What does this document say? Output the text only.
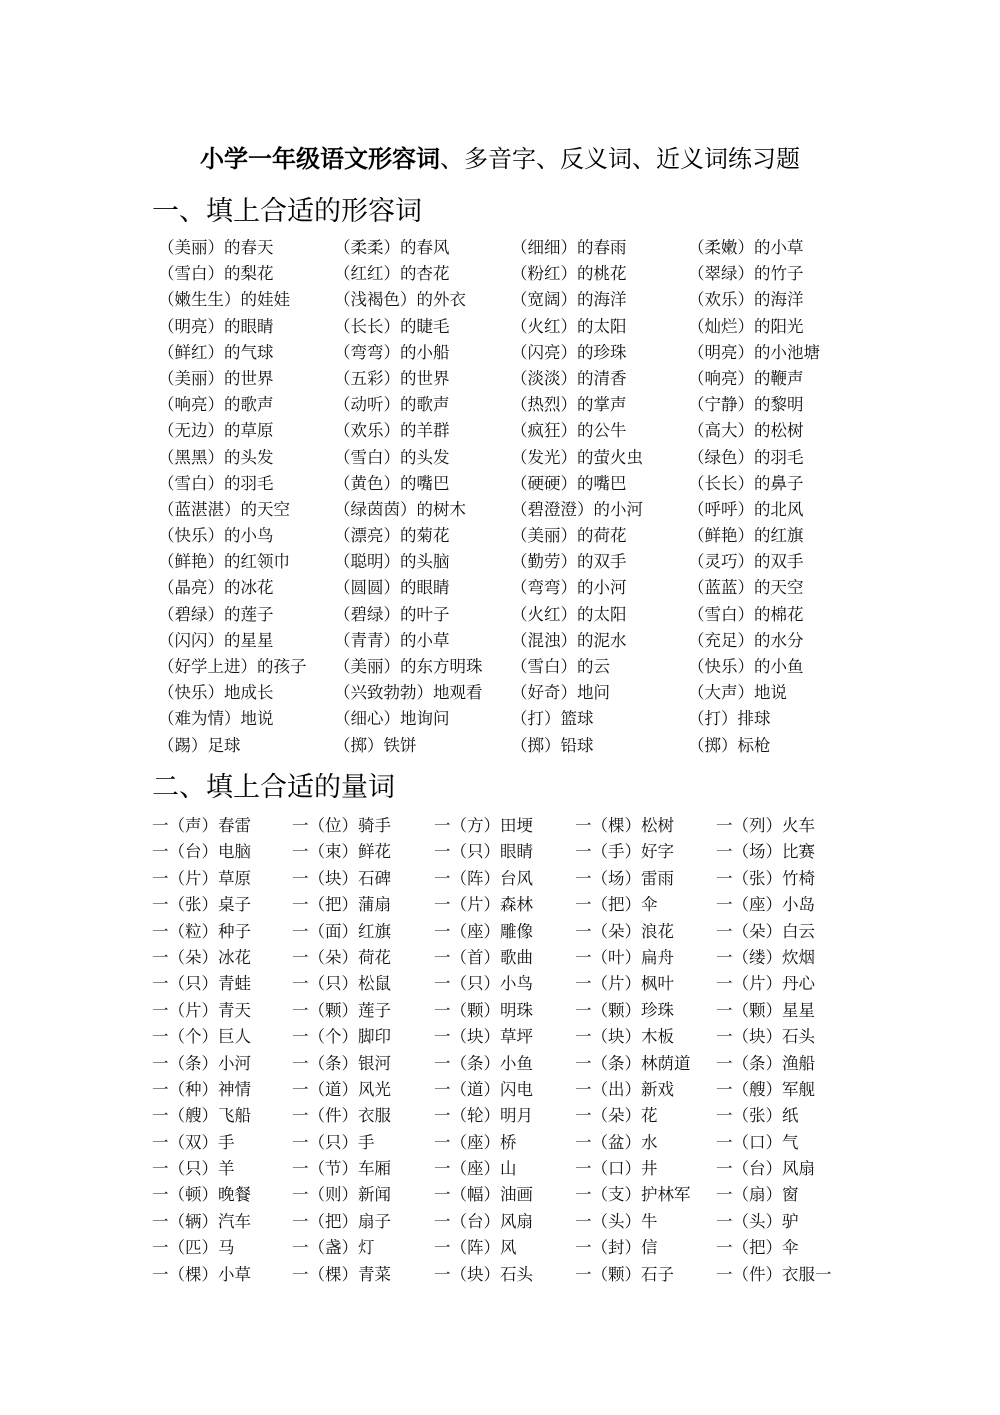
小学一年级语文形容词、多音字、反义词、近义词练习题
一、填上合适的形容词
（美丽）的春天	（柔柔）的春风	（细细）的春雨	（柔嫩）的小草
（雪白）的梨花	（红红）的杏花	（粉红）的桃花	（翠绿）的竹子
（嫩生生）的娃娃	（浅褐色）的外衣	（宽阔）的海洋	（欢乐）的海洋
（明亮）的眼睛	（长长）的睫毛	（火红）的太阳	（灿烂）的阳光
（鲜红）的气球	（弯弯）的小船	（闪亮）的珍珠	（明亮）的小池塘
（美丽）的世界	（五彩）的世界	（淡淡）的清香	（响亮）的鞭声
（响亮）的歌声	（动听）的歌声	（热烈）的掌声	（宁静）的黎明
（无边）的草原	（欢乐）的羊群	（疯狂）的公牛	（高大）的松树
（黑黑）的头发	（雪白）的头发	（发光）的萤火虫	（绿色）的羽毛
（雪白）的羽毛	（黄色）的嘴巴	（硬硬）的嘴巴	（长长）的鼻子
（蓝湛湛）的天空	（绿茵茵）的树木	（碧澄澄）的小河	（呼呼）的北风
（快乐）的小鸟	（漂亮）的菊花	（美丽）的荷花	（鲜艳）的红旗
（鲜艳）的红领巾	（聪明）的头脑	（勤劳）的双手	（灵巧）的双手
（晶亮）的冰花	（圆圆）的眼睛	（弯弯）的小河	（蓝蓝）的天空
（碧绿）的莲子	（碧绿）的叶子	（火红）的太阳	（雪白）的棉花
（闪闪）的星星	（青青）的小草	（混浊）的泥水	（充足）的水分
（好学上进）的孩子 （美丽）的东方明珠 （雪白）的云	（快乐）的小鱼
（快乐）地成长	（兴致勃勃）地观看 （好奇）地问	（大声）地说
（难为情）地说	（细心）地询问	（打）篮球	（打）排球
（踢）足球	（掷）铁饼	（掷）铅球	（掷）标枪
二、填上合适的量词
一（声）春雷 一（位）骑手	一（方）田埂	一（棵）松树	一（列）火车
一（台）电脑 一（束）鲜花	一（只）眼睛	一（手）好字	一（场）比赛
一（片）草原 一（块）石碑	一（阵）台风	一（场）雷雨	一（张）竹椅
一（张）桌子 一（把）蒲扇	一（片）森林	一（把）伞	一（座）小岛
一（粒）种子 一（面）红旗	一（座）雕像	一（朵）浪花	一（朵）白云
一（朵）冰花 一（朵）荷花	一（首）歌曲	一（叶）扁舟	一（缕）炊烟
一（只）青蛙 一（只）松鼠	一（只）小鸟	一（片）枫叶	一（片）丹心
一（片）青天 一（颗）莲子	一（颗）明珠	一（颗）珍珠	一（颗）星星
一（个）巨人 一（个）脚印	一（块）草坪	一（块）木板	一（块）石头
一（条）小河 一（条）银河	一（条）小鱼	一（条）林荫道 一（条）渔船
一（种）神情 一（道）风光	一（道）闪电	一（出）新戏	一（艘）军舰
一（艘）飞船 一（件）衣服	一（轮）明月	一（朵）花	一（张）纸
一（双）手	一（只）手	一（座）桥	一（盆）水	一（口）气
一（只）羊	一（节）车厢	一（座）山	一（口）井	一（台）风扇
一（顿）晚餐 一（则）新闻	一（幅）油画	一（支）护林军 一（扇）窗
一（辆）汽车 一（把）扇子	一（台）风扇	一（头）牛	一（头）驴
一（匹）马	一（盏）灯	一（阵）风	一（封）信	一（把）伞
一（棵）小草 一（棵）青菜	一（块）石头	一（颗）石子	一（件）衣服一
